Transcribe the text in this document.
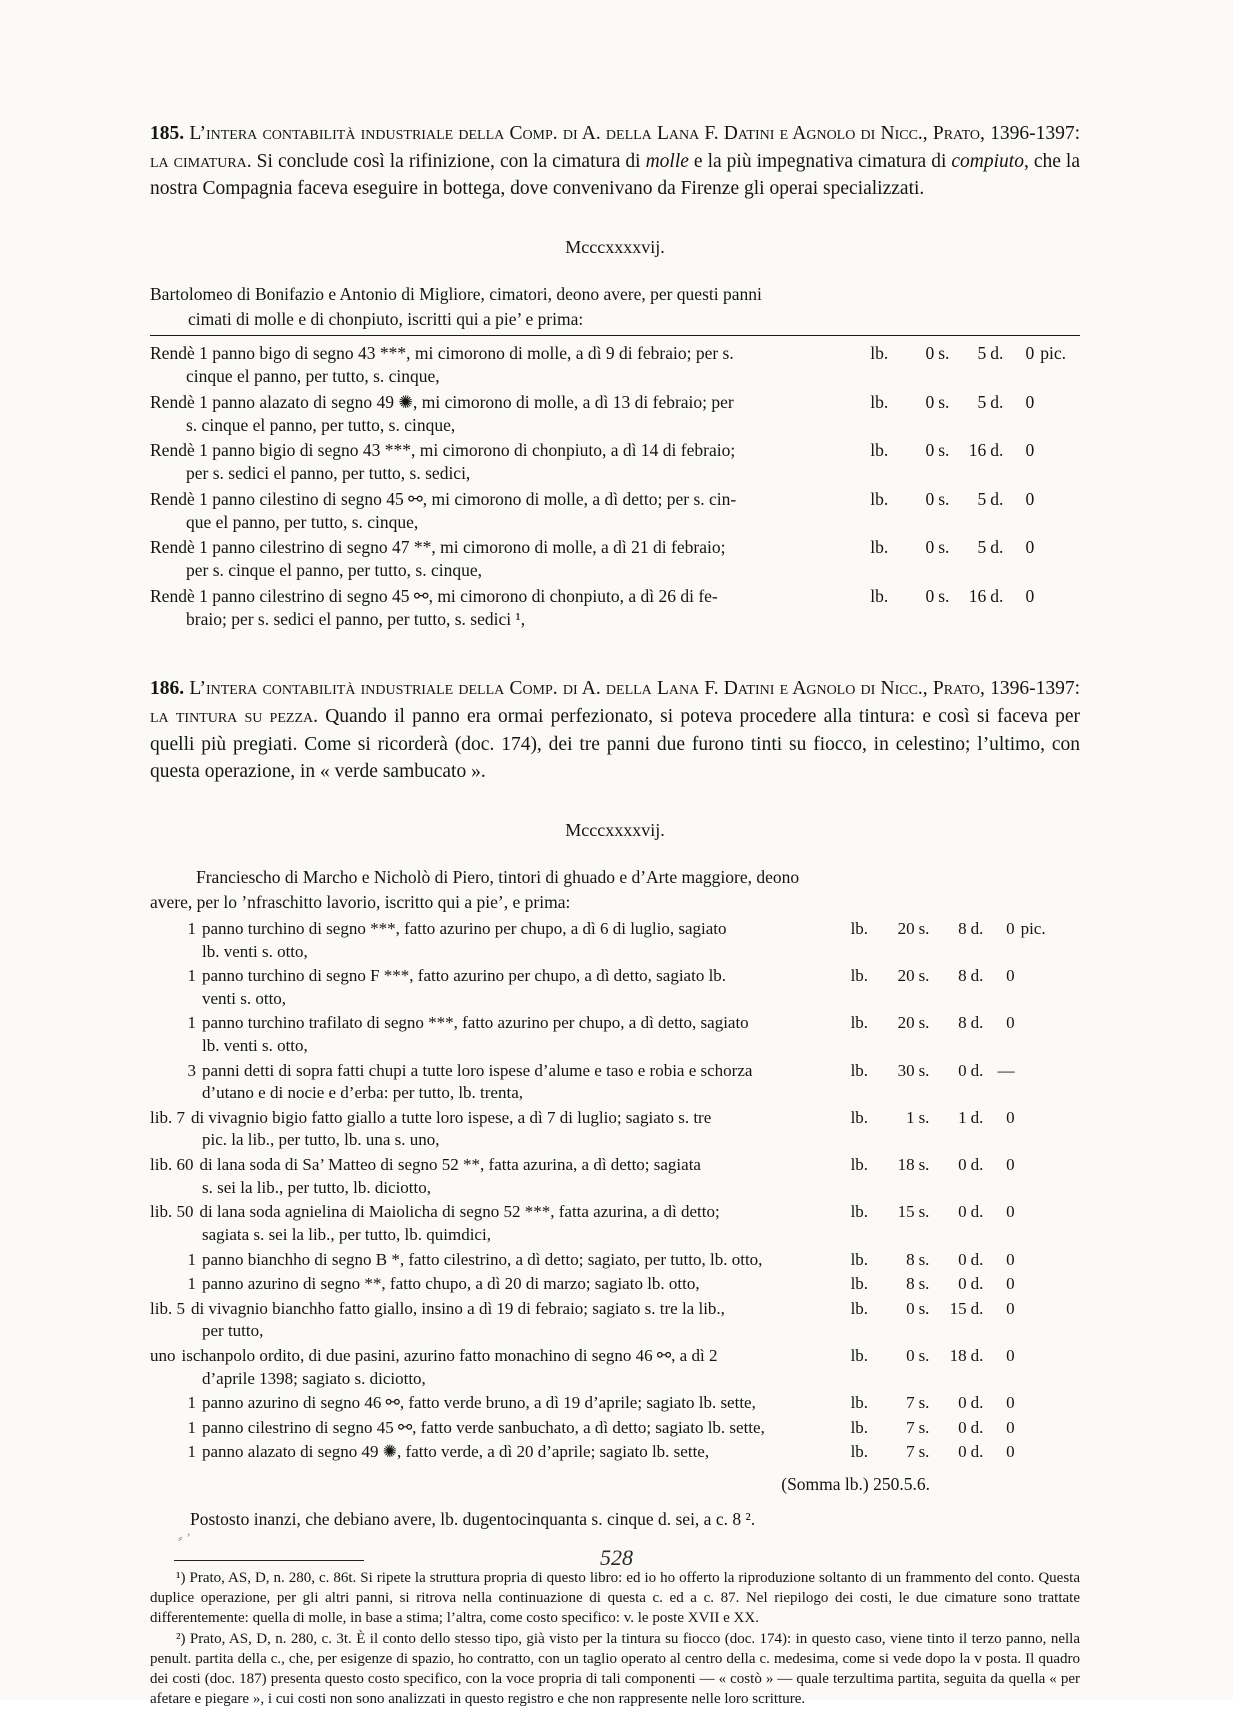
185. L’intera contabilità industriale della Comp. di A. della Lana F. Datini e Agnolo di Nicc., Prato, 1396-1397: la cimatura. Si conclude così la rifinizione, con la cimatura di molle e la più impegnativa cimatura di compiuto, che la nostra Compagnia faceva eseguire in bottega, dove convenivano da Firenze gli operai specializzati.

Mcccxxxxvij.

Bartolomeo di Bonifazio e Antonio di Migliore, cimatori, deono avere, per questi panni
cimati di molle e di chonpiuto, iscritti qui a pie’ e prima:

Rendè 1 panno bigo di segno 43 ***, mi cimorono di molle, a dì 9 di febraio; per s.
cinque el panno, per tutto, s. cinque,	lb. 0 s. 5 d. 0 pic.
Rendè 1 panno alazato di segno 49 ✺, mi cimorono di molle, a dì 13 di febraio; per
s. cinque el panno, per tutto, s. cinque,	lb. 0 s. 5 d. 0
Rendè 1 panno bigio di segno 43 ***, mi cimorono di chonpiuto, a dì 14 di febraio;
per s. sedici el panno, per tutto, s. sedici,	lb. 0 s. 16 d. 0
Rendè 1 panno cilestino di segno 45 ⚯, mi cimorono di molle, a dì detto; per s. cin-
que el panno, per tutto, s. cinque,	lb. 0 s. 5 d. 0
Rendè 1 panno cilestrino di segno 47 **, mi cimorono di molle, a dì 21 di febraio;
per s. cinque el panno, per tutto, s. cinque,	lb. 0 s. 5 d. 0
Rendè 1 panno cilestrino di segno 45 ⚯, mi cimorono di chonpiuto, a dì 26 di fe-
braio; per s. sedici el panno, per tutto, s. sedici ¹,	lb. 0 s. 16 d. 0

186. L’intera contabilità industriale della Comp. di A. della Lana F. Datini e Agnolo di Nicc., Prato, 1396-1397: la tintura su pezza. Quando il panno era ormai perfezionato, si poteva procedere alla tintura: e così si faceva per quelli più pregiati. Come si ricorderà (doc. 174), dei tre panni due furono tinti su fiocco, in celestino; l’ultimo, con questa operazione, in « verde sambucato ».

Mcccxxxxvij.

Franciescho di Marcho e Nicholò di Piero, tintori di ghuado e d’Arte maggiore, deono
avere, per lo ’nfraschitto lavorio, iscritto qui a pie’, e prima:

1 panno turchino di segno ***, fatto azurino per chupo, a dì 6 di luglio, sagiato
lb. venti s. otto,	lb. 20 s. 8 d. 0 pic.
1 panno turchino di segno F ***, fatto azurino per chupo, a dì detto, sagiato lb.
venti s. otto,	lb. 20 s. 8 d. 0
1 panno turchino trafilato di segno ***, fatto azurino per chupo, a dì detto, sagiato
lb. venti s. otto,	lb. 20 s. 8 d. 0
3 panni detti di sopra fatti chupi a tutte loro ispese d’alume e taso e robia e schorza
d’utano e di nocie e d’erba: per tutto, lb. trenta,	lb. 30 s. 0 d. —
lib. 7 di vivagnio bigio fatto giallo a tutte loro ispese, a dì 7 di luglio; sagiato s. tre
pic. la lib., per tutto, lb. una s. uno,	lb. 1 s. 1 d. 0
lib. 60 di lana soda di Sa’ Matteo di segno 52 **, fatta azurina, a dì detto; sagiata
s. sei la lib., per tutto, lb. diciotto,	lb. 18 s. 0 d. 0
lib. 50 di lana soda agnielina di Maiolicha di segno 52 ***, fatta azurina, a dì detto;
sagiata s. sei la lib., per tutto, lb. quimdici,	lb. 15 s. 0 d. 0
1 panno bianchho di segno B *, fatto cilestrino, a dì detto; sagiato, per tutto, lb. otto,	lb. 8 s. 0 d. 0
1 panno azurino di segno **, fatto chupo, a dì 20 di marzo; sagiato lb. otto,	lb. 8 s. 0 d. 0
lib. 5 di vivagnio bianchho fatto giallo, insino a dì 19 di febraio; sagiato s. tre la lib.,
per tutto,	lb. 0 s. 15 d. 0
uno ischanpolo ordito, di due pasini, azurino fatto monachino di segno 46 ⚯, a dì 2
d’aprile 1398; sagiato s. diciotto,	lb. 0 s. 18 d. 0
1 panno azurino di segno 46 ⚯, fatto verde bruno, a dì 19 d’aprile; sagiato lb. sette,	lb. 7 s. 0 d. 0
1 panno cilestrino di segno 45 ⚯, fatto verde sanbuchato, a dì detto; sagiato lb. sette,	lb. 7 s. 0 d. 0
1 panno alazato di segno 49 ✺, fatto verde, a dì 20 d’aprile; sagiato lb. sette,	lb. 7 s. 0 d. 0
(Somma lb.) 250.5.6.
Postosto inanzi, che debiano avere, lb. dugentocinquanta s. cinque d. sei, a c. 8 ².

¹) Prato, AS, D, n. 280, c. 86t. Si ripete la struttura propria di questo libro: ed io ho offerto la riproduzione soltanto di un frammento del conto. Questa duplice operazione, per gli altri panni, si ritrova nella continuazione di questa c. ed a c. 87. Nel riepilogo dei costi, le due cimature sono trattate differentemente: quella di molle, in base a stima; l’altra, come costo specifico: v. le poste XVII e XX.

²) Prato, AS, D, n. 280, c. 3t. È il conto dello stesso tipo, già visto per la tintura su fiocco (doc. 174): in questo caso, viene tinto il terzo panno, nella penult. partita della c., che, per esigenze di spazio, ho contratto, con un taglio operato al centro della c. medesima, come si vede dopo la v posta. Il quadro dei costi (doc. 187) presenta questo costo specifico, con la voce propria di tali componenti — « costò » — quale terzultima partita, seguita da quella « per afetare e piegare », i cui costi non sono analizzati in questo registro e che non rappresente nelle loro scritture.

⸗ ʼ
528
